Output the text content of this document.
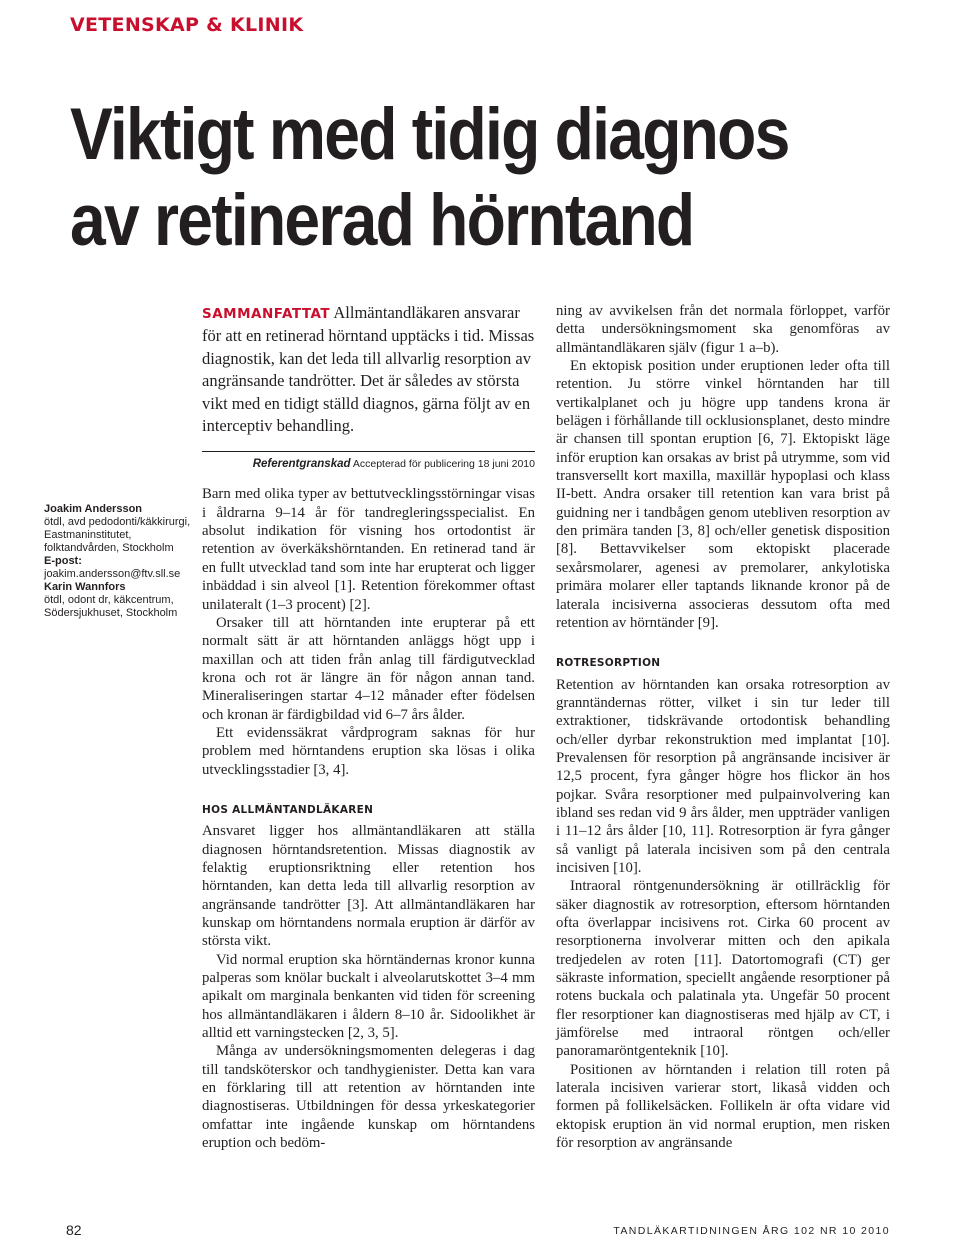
VETENSKAP & KLINIK
Viktigt med tidig diagnos
av retinerad hörntand
Joakim Andersson
ötdl, avd pedodonti/käkkirurgi, Eastmaninstitutet, folktandvården, Stockholm
E-post: joakim.andersson@ftv.sll.se
Karin Wannfors
ötdl, odont dr, käkcentrum, Södersjukhuset, Stockholm
SAMMANFATTAT Allmäntandläkaren ansvarar för att en retinerad hörntand upptäcks i tid. Missas diagnostik, kan det leda till allvarlig resorption av angränsande tandrötter. Det är således av största vikt med en tidigt ställd diagnos, gärna följt av en interceptiv behandling.
Referentgranskad Accepterad för publicering 18 juni 2010

Barn med olika typer av bettutvecklingsstörningar visas i åldrarna 9–14 år för tandregleringsspecialist. En absolut indikation för visning hos ortodontist är retention av överkäkshörntanden. En retinerad tand är en fullt utvecklad tand som inte har erupterat och ligger inbäddad i sin alveol [1]. Retention förekommer oftast unilateralt (1–3 procent) [2].

Orsaker till att hörntanden inte erupterar på ett normalt sätt är att hörntanden anläggs högt upp i maxillan och att tiden från anlag till färdigutvecklad krona och rot är längre än för någon annan tand. Mineraliseringen startar 4–12 månader efter födelsen och kronan är färdigbildad vid 6–7 års ålder.

Ett evidenssäkrat vårdprogram saknas för hur problem med hörntandens eruption ska lösas i olika utvecklingsstadier [3, 4].

HOS ALLMÄNTANDLÄKAREN

Ansvaret ligger hos allmäntandläkaren att ställa diagnosen hörntandsretention. Missas diagnostik av felaktig eruptionsriktning eller retention hos hörntanden, kan detta leda till allvarlig resorption av angränsande tandrötter [3]. Att allmäntandläkaren har kunskap om hörntandens normala eruption är därför av största vikt.

Vid normal eruption ska hörntändernas kronor kunna palperas som knölar buckalt i alveolarutskottet 3–4 mm apikalt om marginala benkanten vid tiden för screening hos allmäntandläkaren i åldern 8–10 år. Sidoolikhet är alltid ett varningstecken [2, 3, 5].

Många av undersökningsmomenten delegeras i dag till tandsköterskor och tandhygienister. Detta kan vara en förklaring till att retention av hörntanden inte diagnostiseras. Utbildningen för dessa yrkeskategorier omfattar inte ingående kunskap om hörntandens eruption och bedöm-

ning av avvikelsen från det normala förloppet, varför detta undersökningsmoment ska genomföras av allmäntandläkaren själv (figur 1 a–b).

En ektopisk position under eruptionen leder ofta till retention. Ju större vinkel hörntanden har till vertikalplanet och ju högre upp tandens krona är belägen i förhållande till ocklusionsplanet, desto mindre är chansen till spontan eruption [6, 7]. Ektopiskt läge inför eruption kan orsakas av brist på utrymme, som vid transversellt kort maxilla, maxillär hypoplasi och klass II-bett. Andra orsaker till retention kan vara brist på guidning ner i tandbågen genom utebliven resorption av den primära tanden [3, 8] och/eller genetisk disposition [8]. Bettavvikelser som ektopiskt placerade sexårsmolarer, agenesi av premolarer, ankylotiska primära molarer eller taptands liknande kronor på de laterala incisiverna associeras dessutom ofta med retention av hörntänder [9].

ROTRESORPTION

Retention av hörntanden kan orsaka rotresorption av granntändernas rötter, vilket i sin tur leder till extraktioner, tidskrävande ortodontisk behandling och/eller dyrbar rekonstruktion med implantat [10]. Prevalensen för resorption på angränsande incisiver är 12,5 procent, fyra gånger högre hos flickor än hos pojkar. Svåra resorptioner med pulpainvolvering kan ibland ses redan vid 9 års ålder, men uppträder vanligen i 11–12 års ålder [10, 11]. Rotresorption är fyra gånger så vanligt på laterala incisiven som på den centrala incisiven [10].

Intraoral röntgenundersökning är otillräcklig för säker diagnostik av rotresorption, eftersom hörntanden ofta överlappar incisivens rot. Cirka 60 procent av resorptionerna involverar mitten och den apikala tredjedelen av roten [11]. Datortomografi (CT) ger säkraste information, speciellt angående resorptioner på rotens buckala och palatinala yta. Ungefär 50 procent fler resorptioner kan diagnostiseras med hjälp av CT, i jämförelse med intraoral röntgen och/eller panoramaröntgenteknik [10].

Positionen av hörntanden i relation till roten på laterala incisiven varierar stort, likaså vidden och formen på follikelsäcken. Follikeln är ofta vidare vid ektopisk eruption än vid normal eruption, men risken för resorption av angränsande

82	TANDLÄKARTIDNINGEN ÅRG 102 NR 10 2010
